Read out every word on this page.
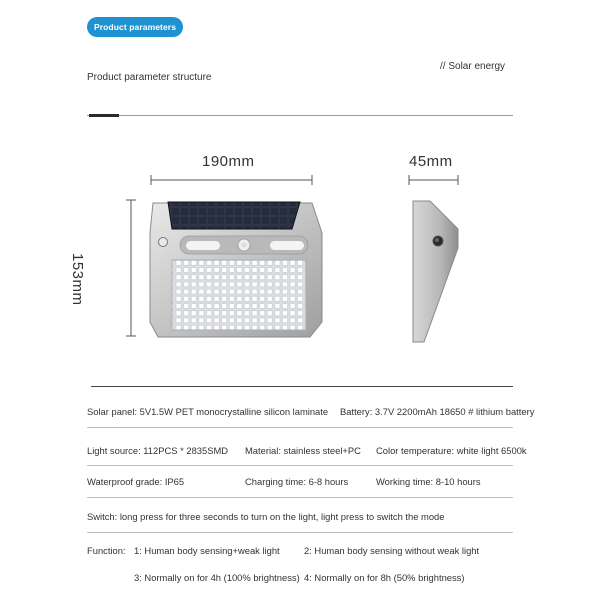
Product parameters
Product parameter structure
// Solar energy
190mm	45mm
153mm
Solar panel: 5V1.5W PET monocrystalline silicon laminate Battery: 3.7V 2200mAh 18650 # lithium battery
Light source: 112PCS * 2835SMD Material: stainless steel+PC Color temperature: white light 6500k
Waterproof grade: IP65	Charging time: 6-8 hours	Working time: 8-10 hours
Switch: long press for three seconds to turn on the light, light press to switch the mode
Function: 1: Human body sensing+weak light	2: Human body sensing without weak light
3: Normally on for 4h (100% brightness) 4: Normally on for 8h (50% brightness)
